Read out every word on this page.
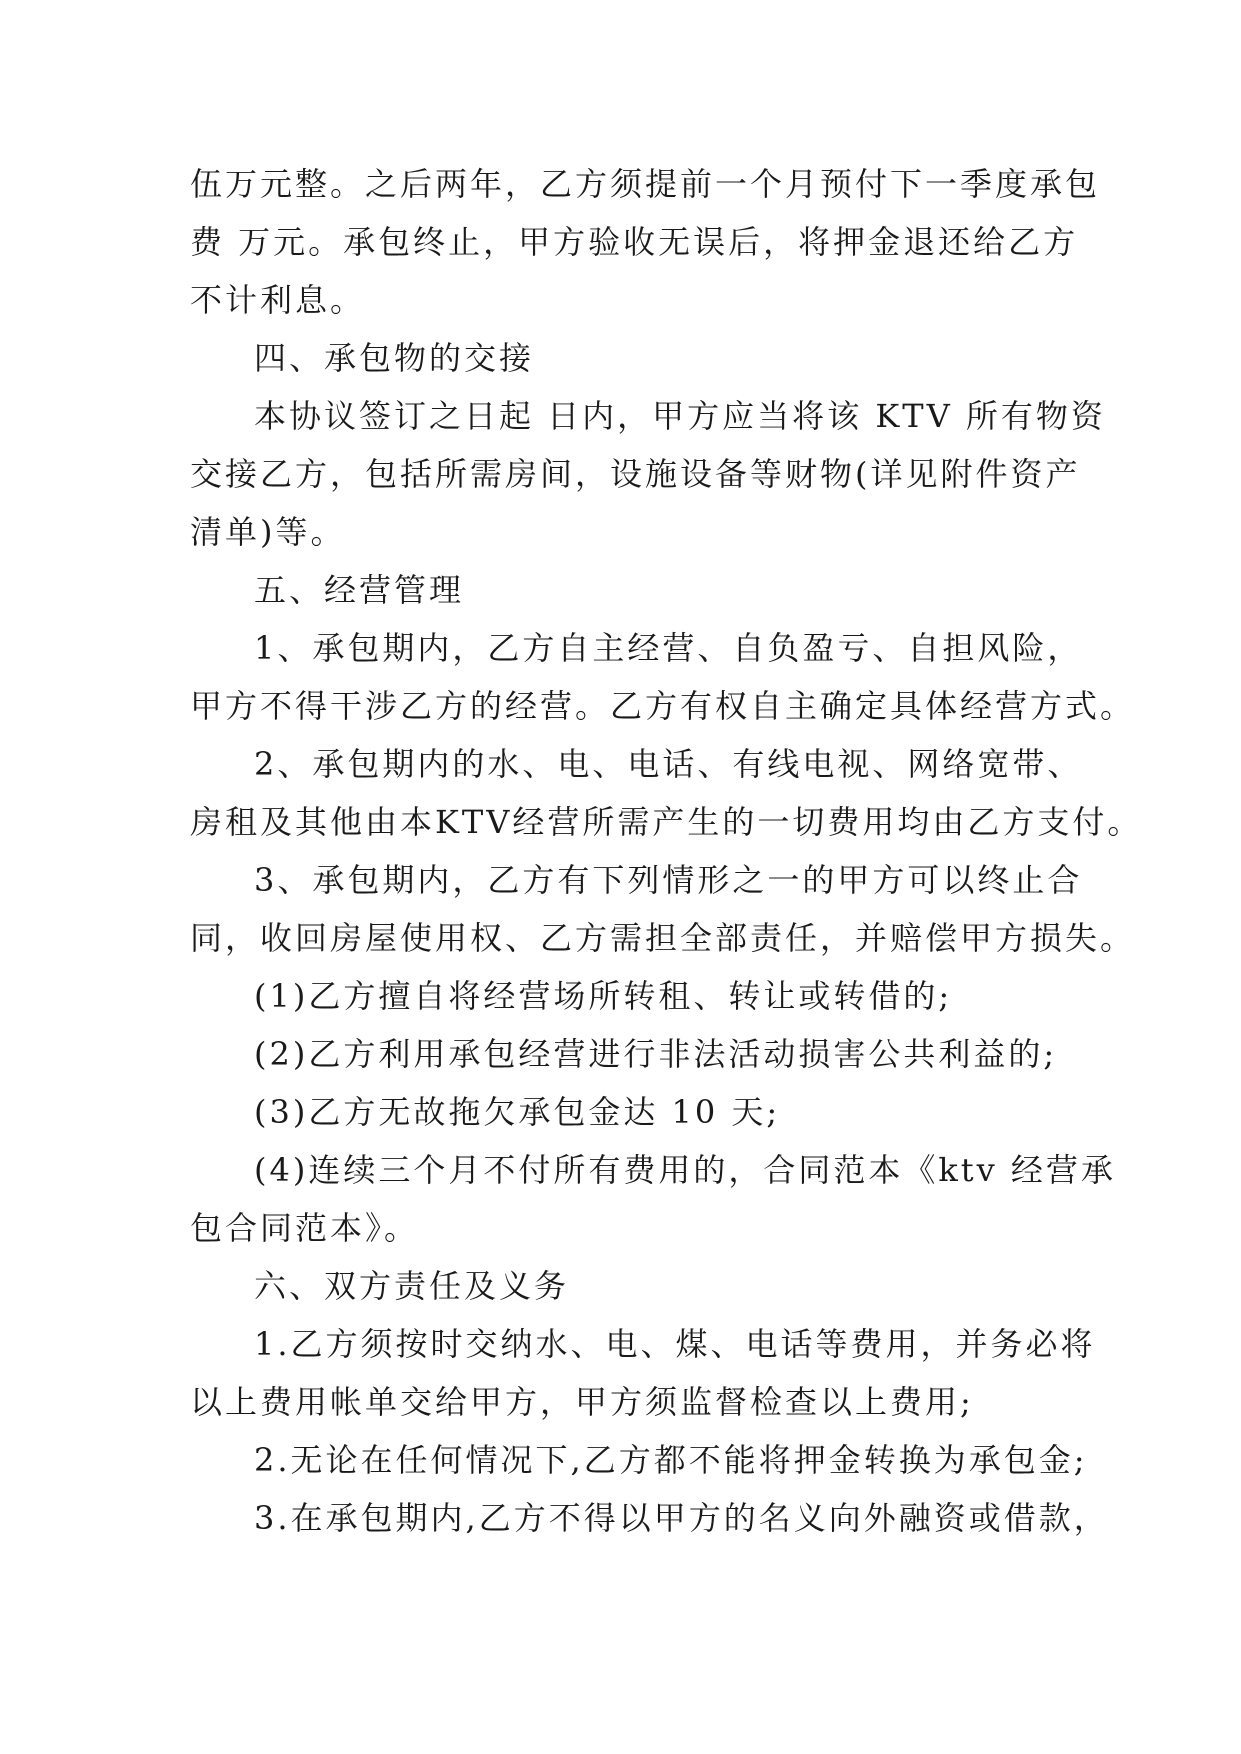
伍万元整。之后两年，乙方须提前一个月预付下一季度承包

费 万元。承包终止，甲方验收无误后，将押金退还给乙方

不计利息。

四、承包物的交接

本协议签订之日起 日内，甲方应当将该 KTV 所有物资

交接乙方，包括所需房间，设施设备等财物(详见附件资产

清单)等。

五、经营管理

1、承包期内，乙方自主经营、自负盈亏、自担风险，

甲方不得干涉乙方的经营。乙方有权自主确定具体经营方式。

2、承包期内的水、电、电话、有线电视、网络宽带、

房租及其他由本KTV经营所需产生的一切费用均由乙方支付。

3、承包期内，乙方有下列情形之一的甲方可以终止合

同，收回房屋使用权、乙方需担全部责任，并赔偿甲方损失。

(1)乙方擅自将经营场所转租、转让或转借的;

(2)乙方利用承包经营进行非法活动损害公共利益的;

(3)乙方无故拖欠承包金达 10 天;

(4)连续三个月不付所有费用的，合同范本《ktv 经营承

包合同范本》。

六、双方责任及义务

1.乙方须按时交纳水、电、煤、电话等费用，并务必将

以上费用帐单交给甲方，甲方须监督检查以上费用;

2.无论在任何情况下,乙方都不能将押金转换为承包金;

3.在承包期内,乙方不得以甲方的名义向外融资或借款，
